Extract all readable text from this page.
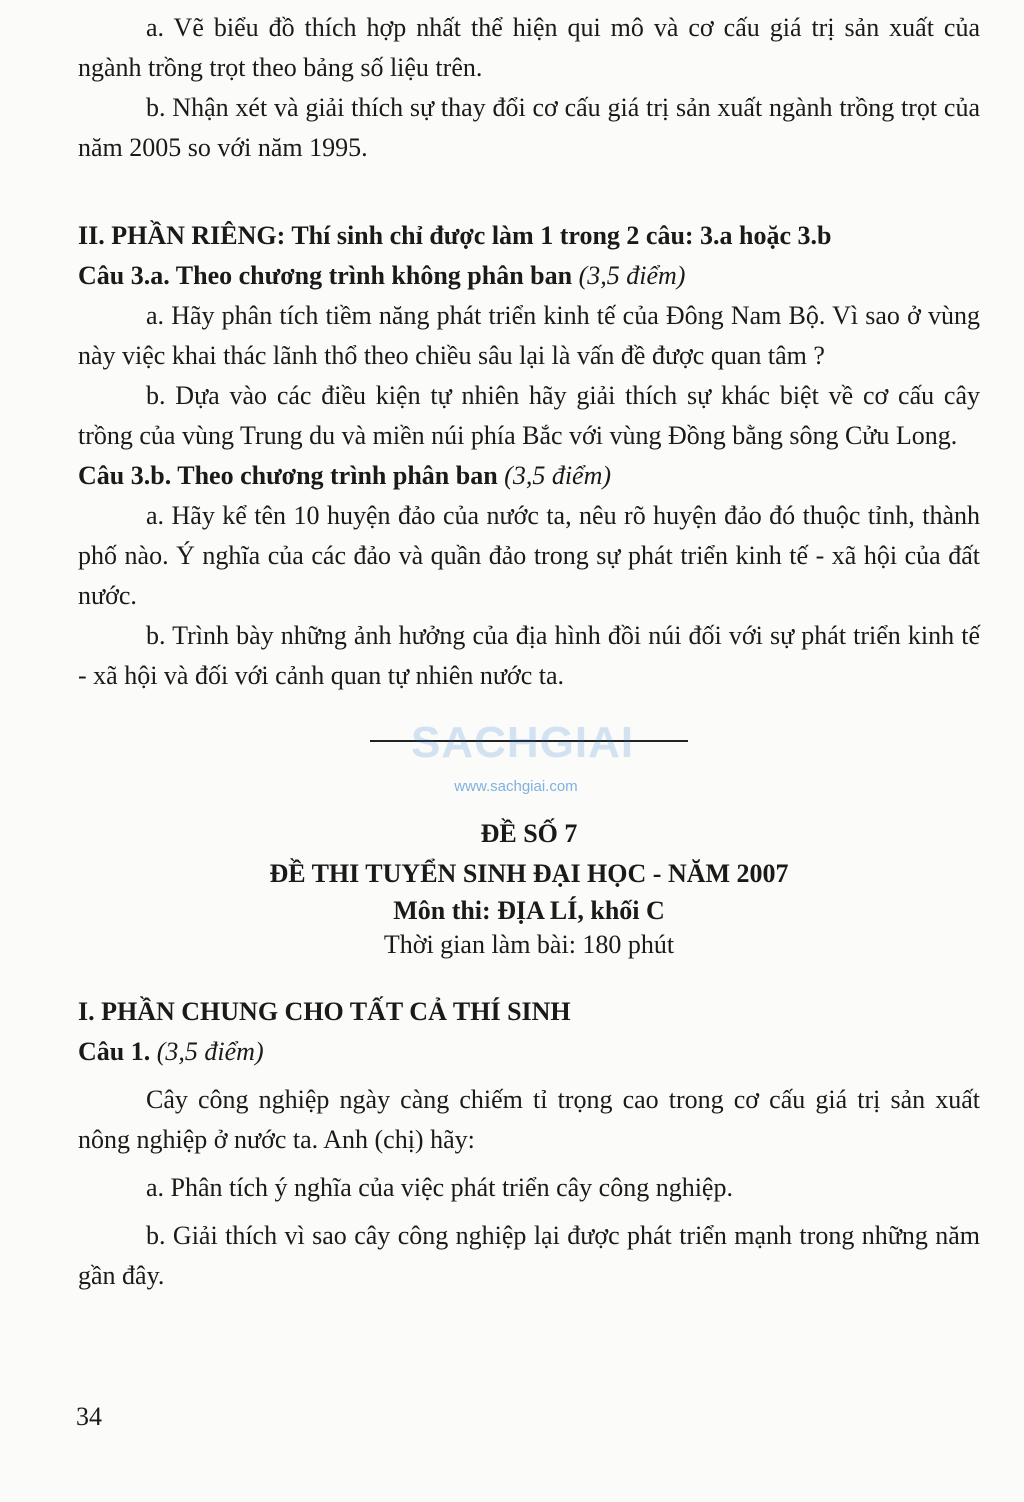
a. Vẽ biểu đồ thích hợp nhất thể hiện qui mô và cơ cấu giá trị sản xuất của ngành trồng trọt theo bảng số liệu trên.

b. Nhận xét và giải thích sự thay đổi cơ cấu giá trị sản xuất ngành trồng trọt của năm 2005 so với năm 1995.

II. PHẦN RIÊNG: Thí sinh chỉ được làm 1 trong 2 câu: 3.a hoặc 3.b

Câu 3.a. Theo chương trình không phân ban (3,5 điểm)

a. Hãy phân tích tiềm năng phát triển kinh tế của Đông Nam Bộ. Vì sao ở vùng này việc khai thác lãnh thổ theo chiều sâu lại là vấn đề được quan tâm ?

b. Dựa vào các điều kiện tự nhiên hãy giải thích sự khác biệt về cơ cấu cây trồng của vùng Trung du và miền núi phía Bắc với vùng Đồng bằng sông Cửu Long.

Câu 3.b. Theo chương trình phân ban (3,5 điểm)

a. Hãy kể tên 10 huyện đảo của nước ta, nêu rõ huyện đảo đó thuộc tỉnh, thành phố nào. Ý nghĩa của các đảo và quần đảo trong sự phát triển kinh tế - xã hội của đất nước.

b. Trình bày những ảnh hưởng của địa hình đồi núi đối với sự phát triển kinh tế - xã hội và đối với cảnh quan tự nhiên nước ta.

ĐỀ SỐ 7

ĐỀ THI TUYỂN SINH ĐẠI HỌC - NĂM 2007

Môn thi: ĐỊA LÍ, khối C

Thời gian làm bài: 180 phút

I. PHẦN CHUNG CHO TẤT CẢ THÍ SINH

Câu 1. (3,5 điểm)

Cây công nghiệp ngày càng chiếm tỉ trọng cao trong cơ cấu giá trị sản xuất nông nghiệp ở nước ta. Anh (chị) hãy:

a. Phân tích ý nghĩa của việc phát triển cây công nghiệp.

b. Giải thích vì sao cây công nghiệp lại được phát triển mạnh trong những năm gần đây.

SACHGIAI
www.sachgiai.com
34
